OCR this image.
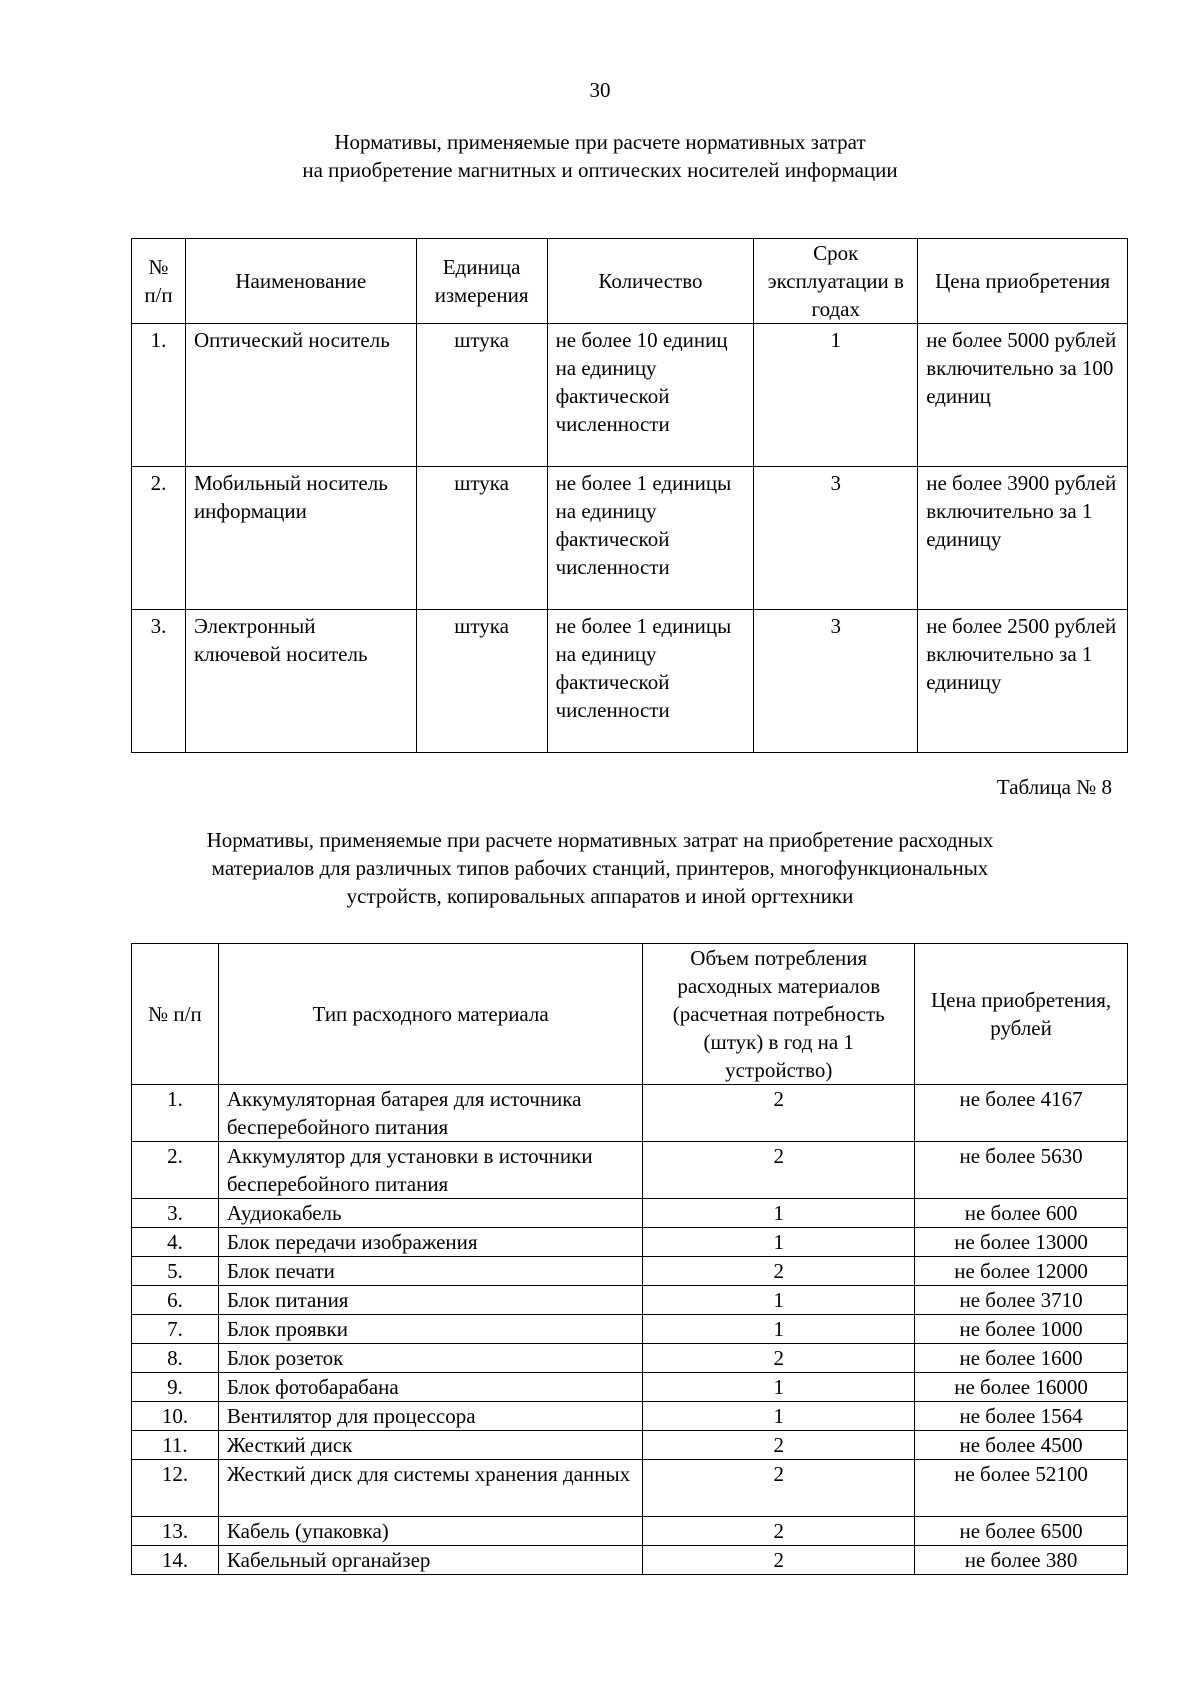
30
Нормативы, применяемые при расчете нормативных затрат
на приобретение магнитных и оптических носителей информации
№ п/п	Наименование	Единица измерения	Количество	Срок эксплуатации в годах	Цена приобретения
1.	Оптический носитель	штука	не более 10 единиц на единицу фактической численности	1	не более 5000 рублей включительно за 100 единиц
2.	Мобильный носитель информации	штука	не более 1 единицы на единицу фактической численности	3	не более 3900 рублей включительно за 1 единицу
3.	Электронный ключевой носитель	штука	не более 1 единицы на единицу фактической численности	3	не более 2500 рублей включительно за 1 единицу
Таблица № 8
Нормативы, применяемые при расчете нормативных затрат на приобретение расходных
материалов для различных типов рабочих станций, принтеров, многофункциональных
устройств, копировальных аппаратов и иной оргтехники
№ п/п	Тип расходного материала	Объем потребления расходных материалов (расчетная потребность (штук) в год на 1 устройство)	Цена приобретения, рублей
1.	Аккумуляторная батарея для источника бесперебойного питания	2	не более 4167
2.	Аккумулятор для установки в источники бесперебойного питания	2	не более 5630
3.	Аудиокабель	1	не более 600
4.	Блок передачи изображения	1	не более 13000
5.	Блок печати	2	не более 12000
6.	Блок питания	1	не более 3710
7.	Блок проявки	1	не более 1000
8.	Блок розеток	2	не более 1600
9.	Блок фотобарабана	1	не более 16000
10.	Вентилятор для процессора	1	не более 1564
11.	Жесткий диск	2	не более 4500
12.	Жесткий диск для системы хранения данных	2	не более 52100
13.	Кабель (упаковка)	2	не более 6500
14.	Кабельный органайзер	2	не более 380
